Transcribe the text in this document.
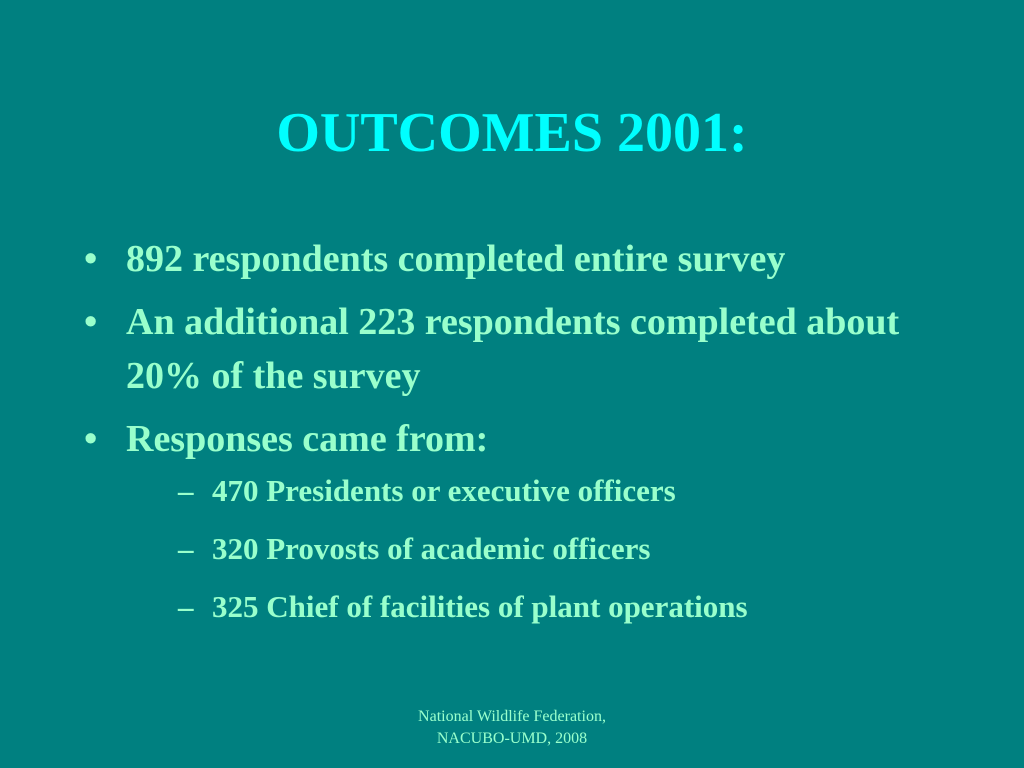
OUTCOMES 2001:
• 892 respondents completed entire survey
• An additional 223 respondents completed about 20% of the survey
• Responses came from:
– 470 Presidents or executive officers
– 320 Provosts of academic officers
– 325 Chief of facilities of plant operations
National Wildlife Federation,
NACUBO-UMD, 2008
